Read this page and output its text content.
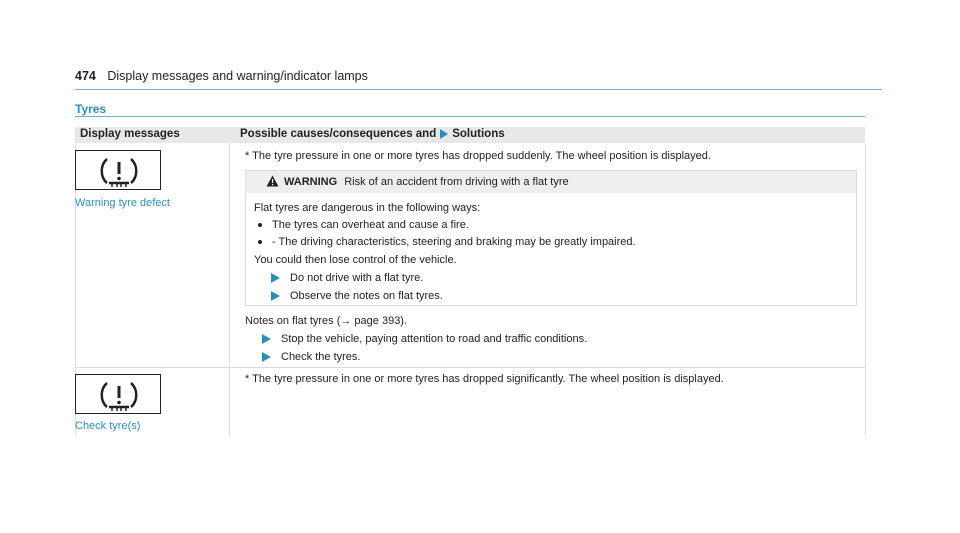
474 Display messages and warning/indicator lamps
Tyres
Display messages	Possible causes/consequences and Solutions
Warning tyre defect
* The tyre pressure in one or more tyres has dropped suddenly. The wheel position is displayed.
WARNING Risk of an accident from driving with a flat tyre
Flat tyres are dangerous in the following ways:
The tyres can overheat and cause a fire.
- The driving characteristics, steering and braking may be greatly impaired.
You could then lose control of the vehicle.
Do not drive with a flat tyre.
Observe the notes on flat tyres.
Notes on flat tyres (→ page 393).
Stop the vehicle, paying attention to road and traffic conditions.
Check the tyres.
Check tyre(s)
* The tyre pressure in one or more tyres has dropped significantly. The wheel position is displayed.
